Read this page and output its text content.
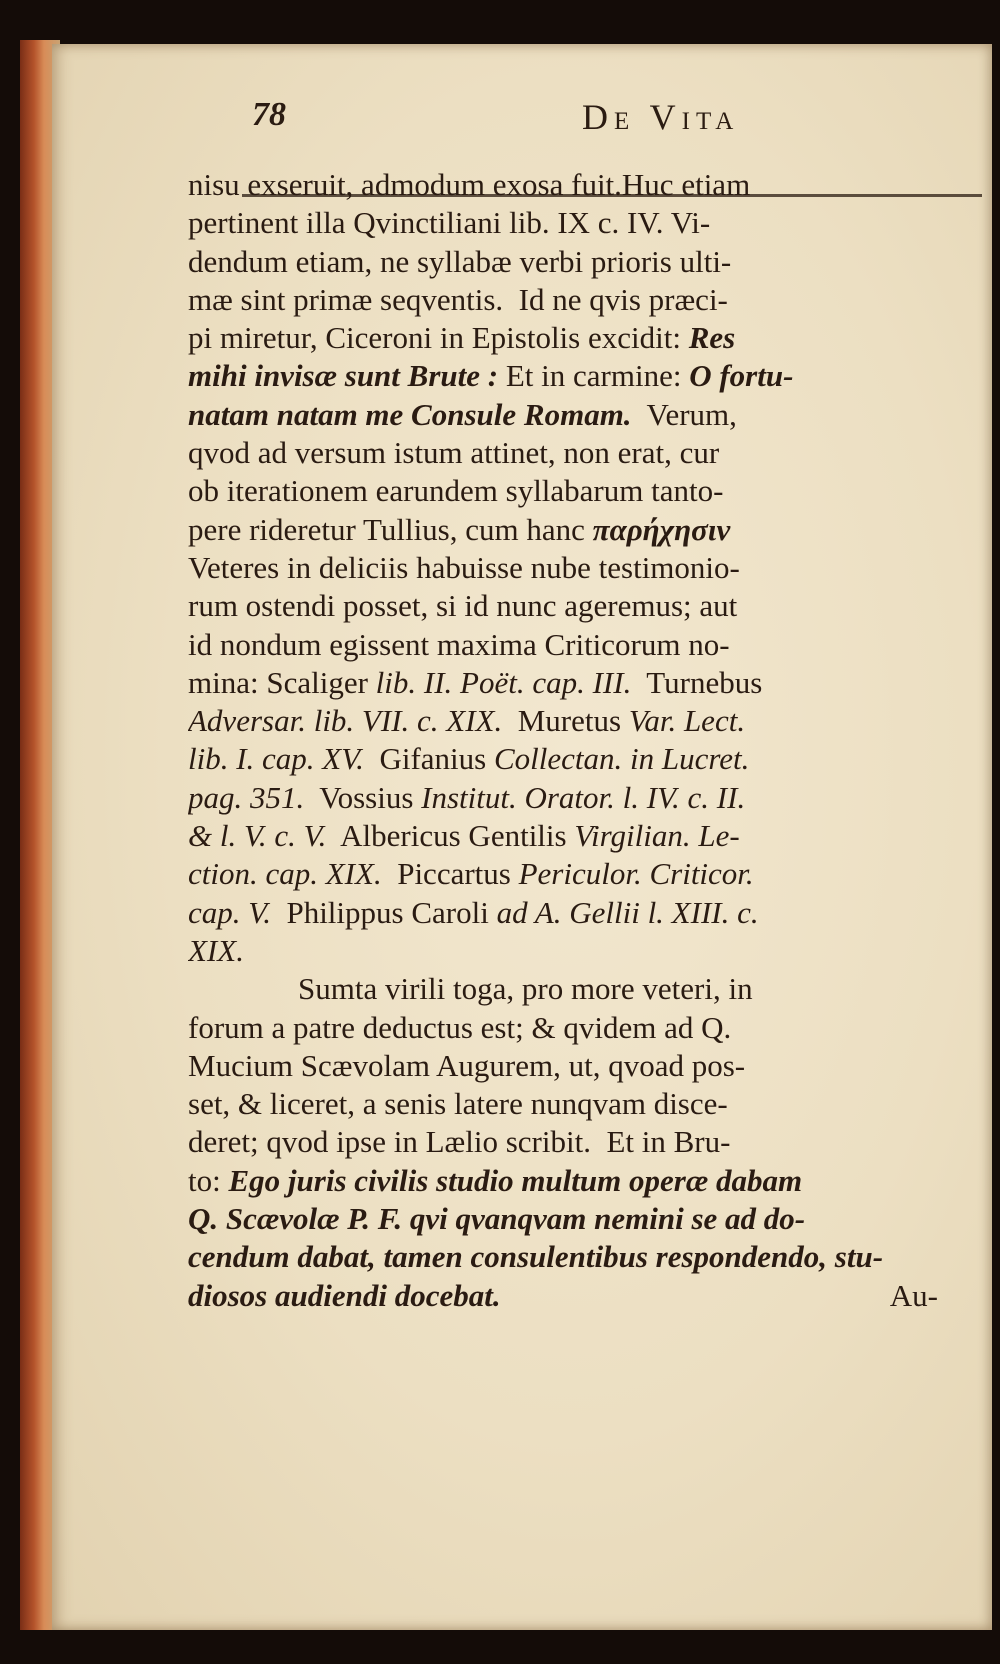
78	De Vita
nisu exseruit, admodum exosa fuit.Huc etiam
pertinent illa Qvinctiliani lib. IX c. IV. Vi-
dendum etiam, ne syllabæ verbi prioris ulti-
mæ sint primæ seqventis.  Id ne qvis præci-
pi miretur, Ciceroni in Epistolis excidit: Res
mihi invisæ sunt Brute : Et in carmine: O fortu-
natam natam me Consule Romam.  Verum,
qvod ad versum istum attinet, non erat, cur
ob iterationem earundem syllabarum tanto-
pere rideretur Tullius, cum hanc παρήχησιν
Veteres in deliciis habuisse nube testimonio-
rum ostendi posset, si id nunc ageremus; aut
id nondum egissent maxima Criticorum no-
mina: Scaliger lib. II. Poët. cap. III.  Turnebus
Adversar. lib. VII. c. XIX.  Muretus Var. Lect.
lib. I. cap. XV.  Gifanius Collectan. in Lucret.
pag. 351.  Vossius Institut. Orator. l. IV. c. II.
& l. V. c. V.  Albericus Gentilis Virgilian. Le-
ction. cap. XIX.  Piccartus Periculor. Criticor.
cap. V.  Philippus Caroli ad A. Gellii l. XIII. c.
XIX.
Sumta virili toga, pro more veteri, in
forum a patre deductus est; & qvidem ad Q.
Mucium Scævolam Augurem, ut, qvoad pos-
set, & liceret, a senis latere nunqvam disce-
deret; qvod ipse in Lælio scribit.  Et in Bru-
to: Ego juris civilis studio multum operæ dabam
Q. Scævolæ P. F. qvi qvanqvam nemini se ad do-
cendum dabat, tamen consulentibus respondendo, stu-
diosos audiendi docebat.	Au-
